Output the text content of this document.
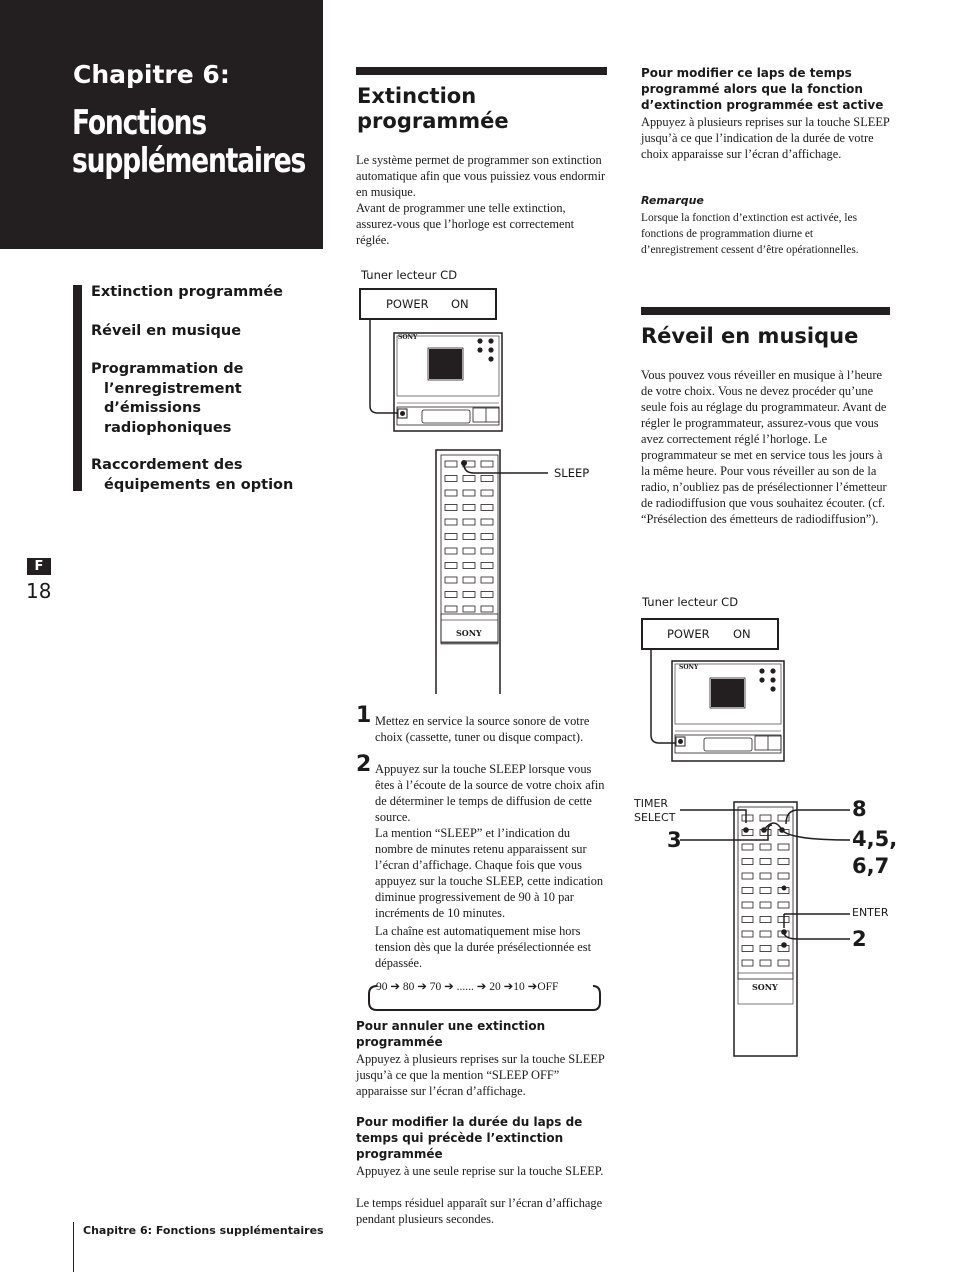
Chapitre 6:
Fonctions supplémentaires
Extinction programmée
Réveil en musique
Programmation de l’enregistrement d’émissions radiophoniques
Raccordement des équipements en option
F
18
Chapitre 6: Fonctions supplémentaires
Extinction programmée
Le système permet de programmer son extinction automatique afin que vous puissiez vous endormir en musique.
Avant de programmer une telle extinction, assurez-vous que l’horloge est correctement réglée.
Tuner lecteur CD
POWER ON
SONY
SLEEP
SONY
1 Mettez en service la source sonore de votre choix (cassette, tuner ou disque compact).
2 Appuyez sur la touche SLEEP lorsque vous êtes à l’écoute de la source de votre choix afin de déterminer le temps de diffusion de cette source.
La mention “SLEEP” et l’indication du nombre de minutes retenu apparaissent sur l’écran d’affichage. Chaque fois que vous appuyez sur la touche SLEEP, cette indication diminue progressivement de 90 à 10 par incréments de 10 minutes.
La chaîne est automatiquement mise hors tension dès que la durée présélectionnée est dépassée.
90 ➔ 80 ➔ 70 ➔ ...... ➔ 20 ➔10 ➔OFF
Pour annuler une extinction programmée
Appuyez à plusieurs reprises sur la touche SLEEP jusqu’à ce que la mention “SLEEP OFF” apparaisse sur l’écran d’affichage.
Pour modifier la durée du laps de temps qui précède l’extinction programmée
Appuyez à une seule reprise sur la touche SLEEP.
Le temps résiduel apparaît sur l’écran d’affichage pendant plusieurs secondes.
Pour modifier ce laps de temps programmé alors que la fonction d’extinction programmée est active
Appuyez à plusieurs reprises sur la touche SLEEP jusqu’à ce que l’indication de la durée de votre choix apparaisse sur l’écran d’affichage.
Remarque
Lorsque la fonction d’extinction est activée, les fonctions de programmation diurne et d’enregistrement cessent d’être opérationnelles.
Réveil en musique
Vous pouvez vous réveiller en musique à l’heure de votre choix. Vous ne devez procéder qu’une seule fois au réglage du programmateur. Avant de régler le programmateur, assurez-vous que vous avez correctement réglé l’horloge. Le programmateur se met en service tous les jours à la même heure. Pour vous réveiller au son de la radio, n’oubliez pas de présélectionner l’émetteur de radiodiffusion que vous souhaitez écouter. (cf. “Présélection des émetteurs de radiodiffusion”).
Tuner lecteur CD
POWER ON
SONY
TIMER
SELECT
ENTER
8
3	4,5,
6,7
2
SONY
